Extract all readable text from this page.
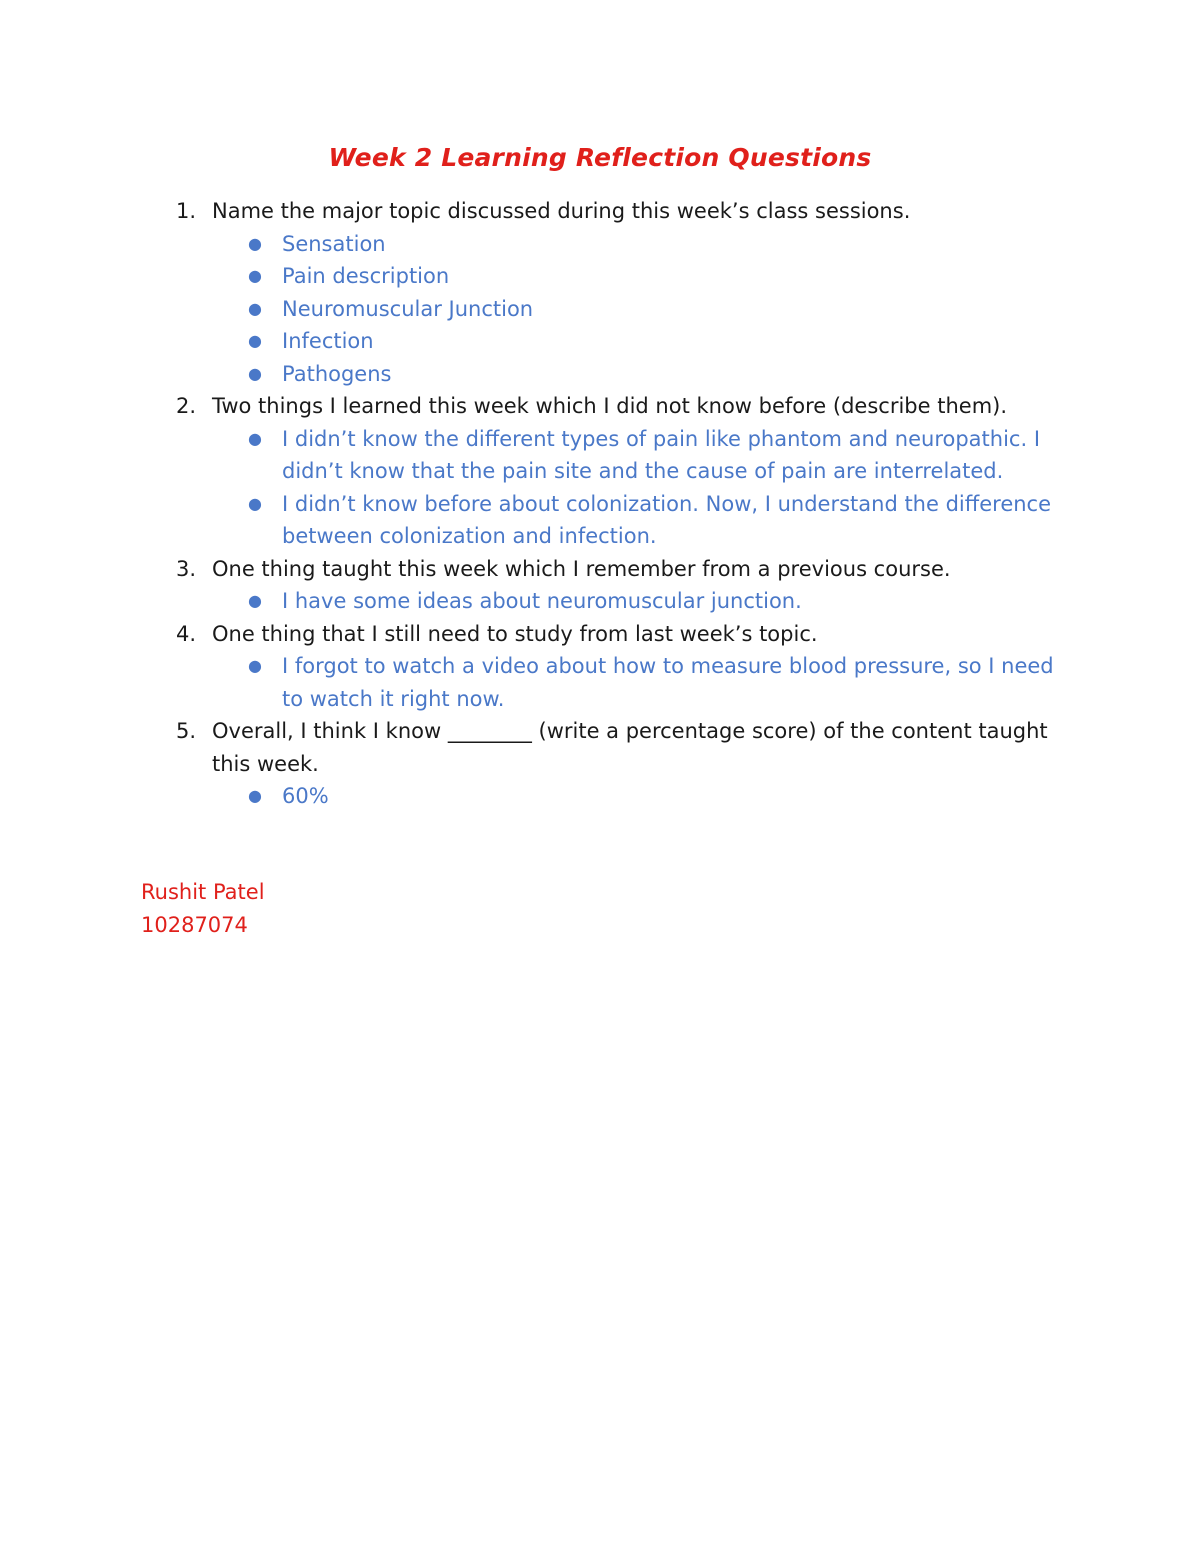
Week 2 Learning Reflection Questions
1. Name the major topic discussed during this week’s class sessions.
● Sensation
● Pain description
● Neuromuscular Junction
● Infection
● Pathogens
2. Two things I learned this week which I did not know before (describe them).
● I didn’t know the different types of pain like phantom and neuropathic. I didn’t know that the pain site and the cause of pain are interrelated.
● I didn’t know before about colonization. Now, I understand the difference between colonization and infection.
3. One thing taught this week which I remember from a previous course.
● I have some ideas about neuromuscular junction.
4. One thing that I still need to study from last week’s topic.
● I forgot to watch a video about how to measure blood pressure, so I need to watch it right now.
5. Overall, I think I know ________ (write a percentage score) of the content taught this week.
● 60%
Rushit Patel
10287074
